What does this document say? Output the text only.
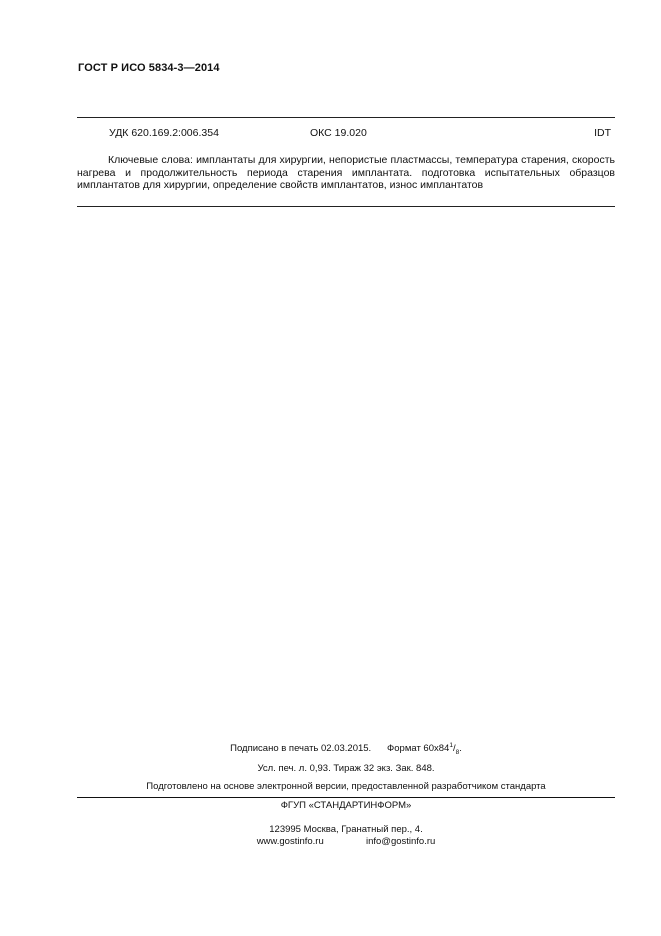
ГОСТ Р ИСО 5834-3—2014
УДК 620.169.2:006.354	ОКС 19.020	IDT
Ключевые слова: имплантаты для хирургии, непористые пластмассы, температура старения, скорость нагрева и продолжительность периода старения имплантата. подготовка испытательных образцов имплантатов для хирургии, определение свойств имплантатов, износ имплантатов
Подписано в печать 02.03.2015. Формат $60х84^1/_8$.
Усл. печ. л. 0,93. Тираж 32 экз. Зак. 848.
Подготовлено на основе электронной версии, предоставленной разработчиком стандарта
ФГУП «СТАНДАРТИНФОРМ»
123995 Москва, Гранатный пер., 4.
www.gostinfo.ru	info@gostinfo.ru
